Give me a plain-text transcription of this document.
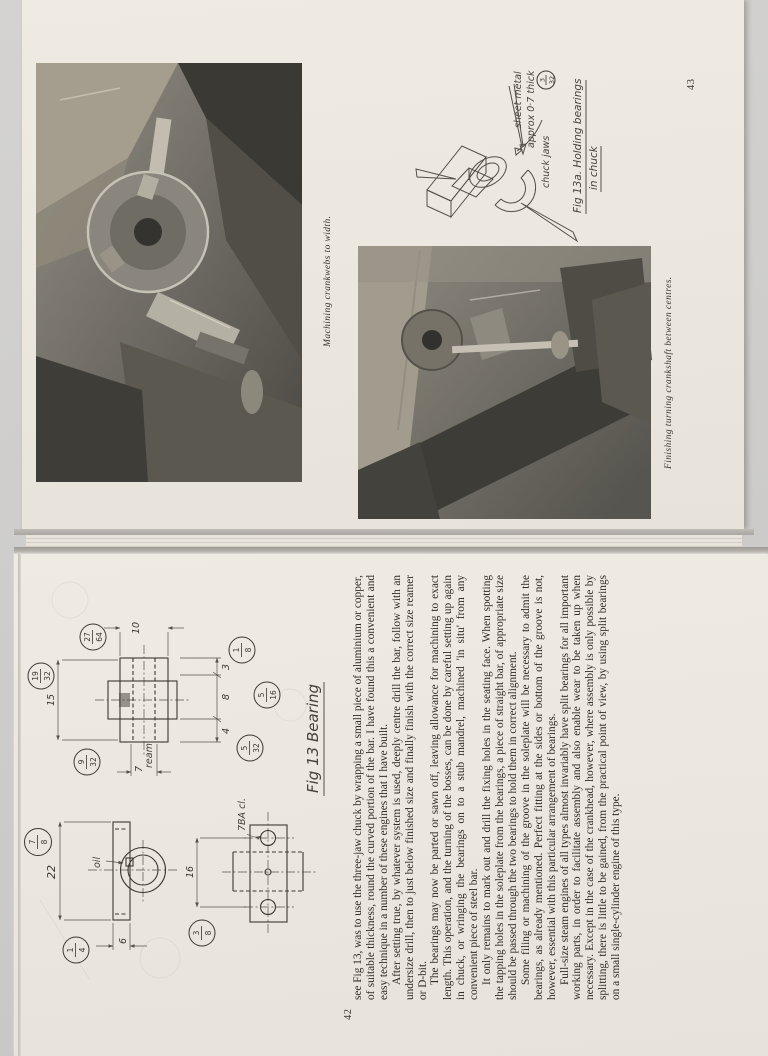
Machining crankwebs to width.
sheet metal approx 0·7 thick 3 32
chuck jaws Fig 13a. Holding bearings in chuck
Finishing turning crankshaft between centres.
43
10
15
7
ream
3
8
4
oil
22
6
7BA cl.
16
27 64
19 32
9 32
1 8
5 16
5 32
7 8
1 4
3 8
Fig 13 Bearing	see Fig 13, was to use the three-jaw chuck by wrapping a small piece of aluminium or copper, of suitable thickness, round the curved portion of the bar. I have found this a convenient and easy technique in a number of these engines that I have built. After setting true, by whatever system is used, deeply centre drill the bar, follow with an undersize drill, then to just below finished size and finally finish with the correct size reamer or D-bit. The bearings may now be parted or sawn off, leaving allowance for machining to exact length. This operation, and the turning of the bosses, can be done by careful setting up again in chuck, or wringing the bearings on to a stub mandrel, machined 'in situ' from any convenient piece of steel bar. It only remains to mark out and drill the fixing holes in the seating face. When spotting the tapping holes in the soleplate from the bearings, a piece of straight bar, of appropriate size should be passed through the two bearings to hold them in correct alignment. Some filing or machining of the groove in the soleplate will be necessary to admit the bearings, as already mentioned. Perfect fitting at the sides or bottom of the groove is not, however, essential with this particular arrangement of bearings. Full-size steam engines of all types almost invariably have split bearings for all important working parts, in order to facilitate assembly and also enable wear to be taken up when necessary. Except in the case of the crankhead, however, where assembly is only possible by splitting, there is little to be gained, from the practical point of view, by using split bearings on a small single-cylinder engine of this type.

42
